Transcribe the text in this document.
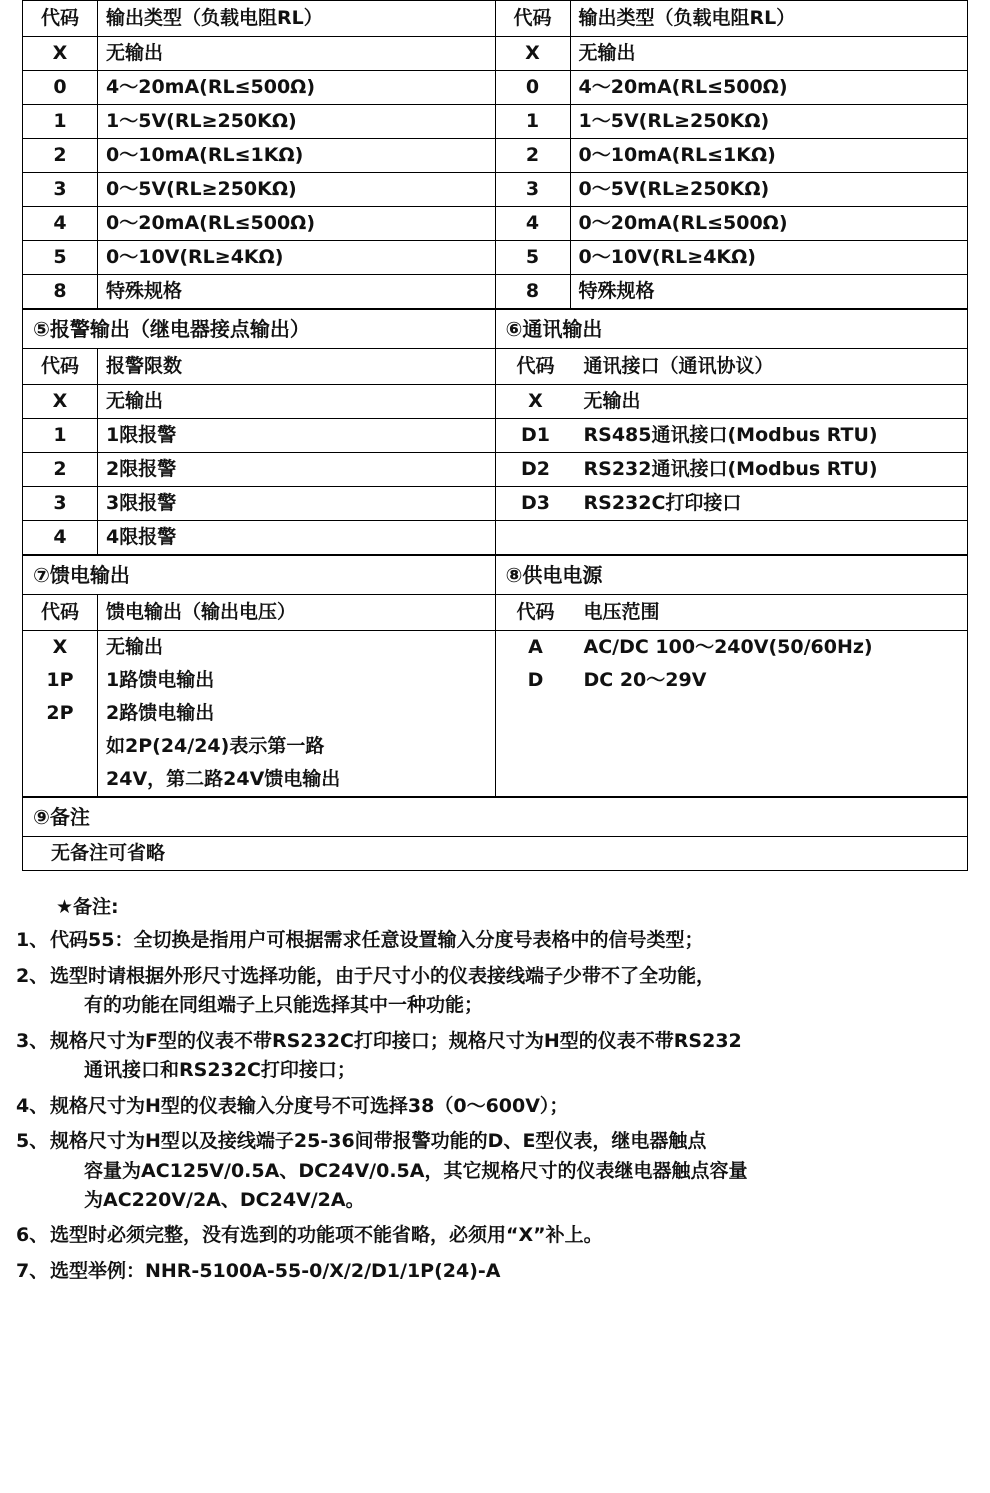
代码	输出类型（负载电阻RL）
X	无输出
0	4～20mA(RL≤500Ω)
1	1～5V(RL≥250KΩ)
2	0～10mA(RL≤1KΩ)
3	0～5V(RL≥250KΩ)
4	0～20mA(RL≤500Ω)
5	0～10V(RL≥4KΩ)
8	特殊规格

代码	输出类型（负载电阻RL）
X	无输出
0	4～20mA(RL≤500Ω)
1	1～5V(RL≥250KΩ)
2	0～10mA(RL≤1KΩ)
3	0～5V(RL≥250KΩ)
4	0～20mA(RL≤500Ω)
5	0～10V(RL≥4KΩ)
8	特殊规格
⑤报警输出（继电器接点输出）
代码	报警限数
X	无输出
1	1限报警
2	2限报警
3	3限报警
4	4限报警

⑥通讯输出
代码	通讯接口（通讯协议）
X	无输出
D1	RS485通讯接口(Modbus RTU)
D2	RS232通讯接口(Modbus RTU)
D3	RS232C打印接口

⑦馈电输出
代码	馈电输出（输出电压）
X	无输出
1P	1路馈电输出
2P	2路馈电输出
	如2P(24/24)表示第一路
	24V，第二路24V馈电输出

⑧供电电源
代码	电压范围
A	AC/DC 100～240V(50/60Hz)
D	DC 20～29V

⑨备注
无备注可省略
★备注:
1、代码55：全切换是指用户可根据需求任意设置输入分度号表格中的信号类型；
2、选型时请根据外形尺寸选择功能，由于尺寸小的仪表接线端子少带不了全功能，
有的功能在同组端子上只能选择其中一种功能；
3、规格尺寸为F型的仪表不带RS232C打印接口；规格尺寸为H型的仪表不带RS232
通讯接口和RS232C打印接口；
4、规格尺寸为H型的仪表输入分度号不可选择38（0～600V）；
5、规格尺寸为H型以及接线端子25-36间带报警功能的D、E型仪表，继电器触点
容量为AC125V/0.5A、DC24V/0.5A，其它规格尺寸的仪表继电器触点容量
为AC220V/2A、DC24V/2A。
6、选型时必须完整，没有选到的功能项不能省略，必须用“X”补上。
7、选型举例：NHR-5100A-55-0/X/2/D1/1P(24)-A
